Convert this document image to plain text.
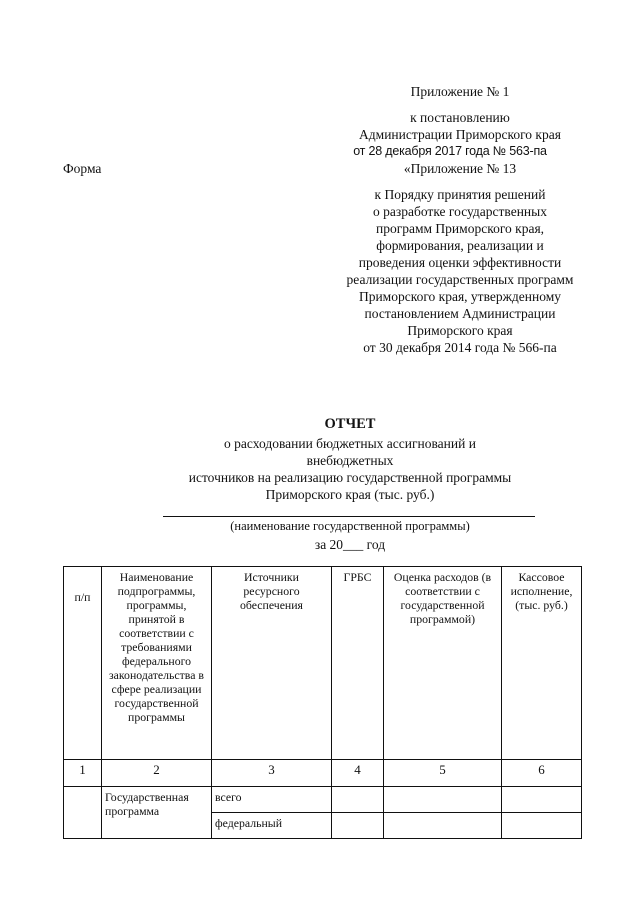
Приложение № 1
к постановлению
Администрации Приморского края
от 28 декабря 2017 года № 563-па
Форма	«Приложение № 13
к Порядку принятия решений
о разработке государственных
программ Приморского края,
формирования, реализации и
проведения оценки эффективности
реализации государственных программ
Приморского края, утвержденному
постановлением Администрации
Приморского края
от 30 декабря 2014 года № 566-па
ОТЧЕТ
о расходовании бюджетных ассигнований и
внебюджетных
источников на реализацию государственной программы
Приморского края (тыс. руб.)
(наименование государственной программы)
за 20___ год
п/п	Наименование подпрограммы, программы, принятой в соответствии с требованиями федерального законодательства в сфере реализации государственной программы	Источники ресурсного обеспечения	ГРБС	Оценка расходов (в соответствии с государственной программой)	Кассовое исполнение, (тыс. руб.)
1	2	3	4	5	6
	Государственная программа	всего			
		федеральный			
